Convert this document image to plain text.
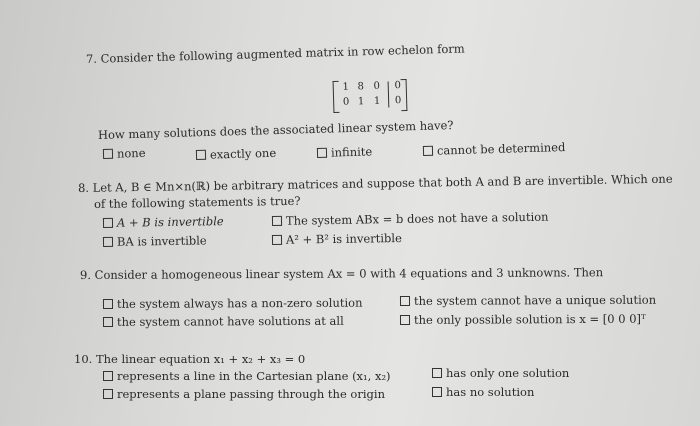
7. Consider the following augmented matrix in row echelon form
1 8 0 0
0 1 1 0
How many solutions does the associated linear system have?
none	exactly one	infinite	cannot be determined
8. Let A, B ∈ Mn×n(ℝ) be arbitrary matrices and suppose that both A and B are invertible. Which one
of the following statements is true?
A + B is invertible	The system ABx = b does not have a solution
BA is invertible	A² + B² is invertible
9. Consider a homogeneous linear system Ax = 0 with 4 equations and 3 unknowns. Then
the system always has a non-zero solution	the system cannot have a unique solution
the system cannot have solutions at all	the only possible solution is x = [0 0 0]ᵀ
10. The linear equation x₁ + x₂ + x₃ = 0
represents a line in the Cartesian plane (x₁, x₂)	has only one solution
represents a plane passing through the origin	has no solution
